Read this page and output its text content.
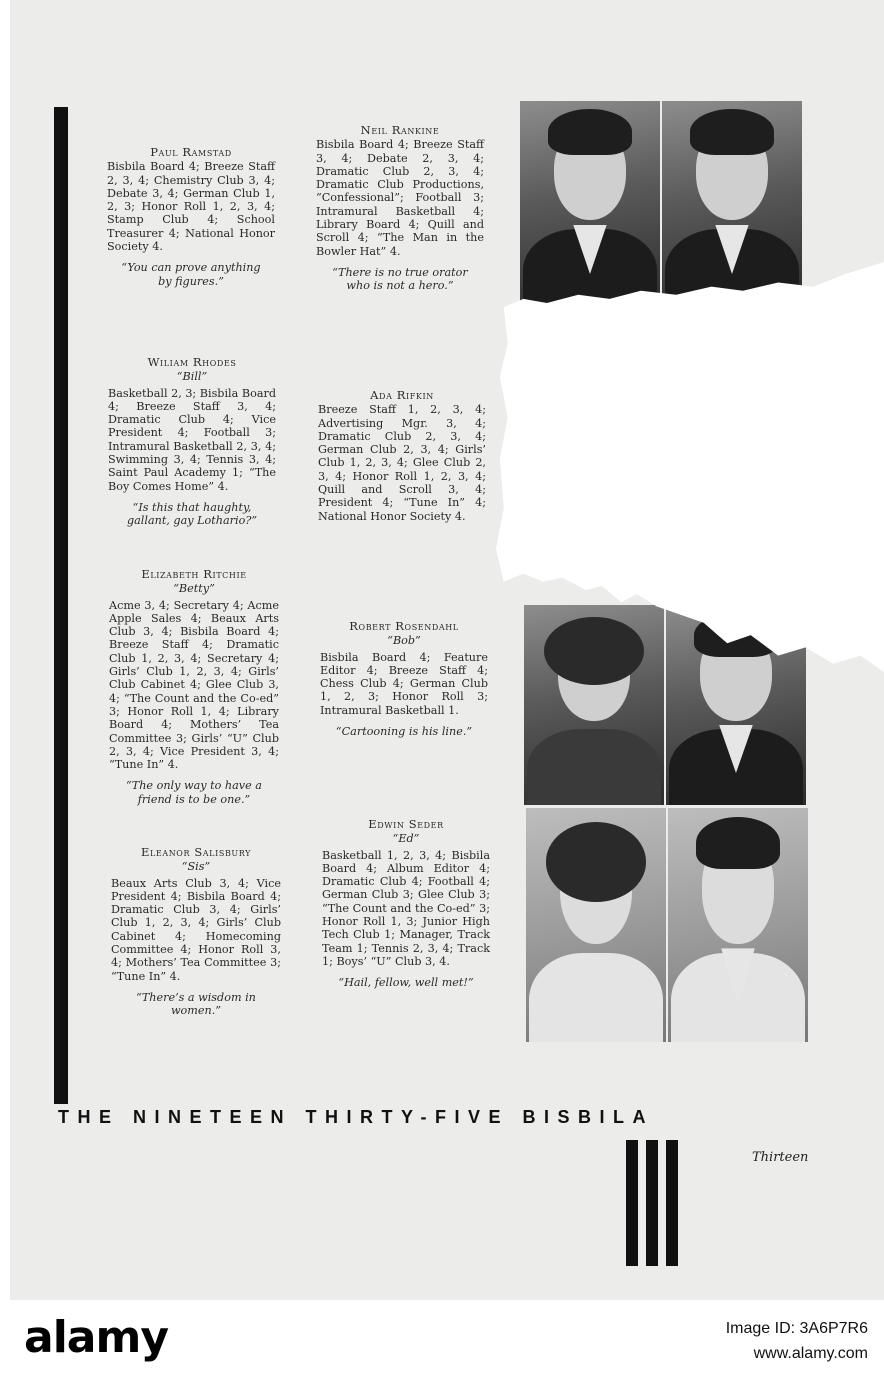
Paul Ramstad
Bisbila Board 4; Breeze Staff 2, 3, 4; Chemistry Club 3, 4; Debate 3, 4; German Club 1, 2, 3; Honor Roll 1, 2, 3, 4; Stamp Club 4; School Treasurer 4; National Honor Society 4.
“You can prove anything by figures.”
Wiliam Rhodes
“Bill”
Basketball 2, 3; Bisbila Board 4; Breeze Staff 3, 4; Dramatic Club 4; Vice President 4; Football 3; Intramural Basketball 2, 3, 4; Swimming 3, 4; Tennis 3, 4; Saint Paul Academy 1; “The Boy Comes Home” 4.
“Is this that haughty, gallant, gay Lothario?”
Elizabeth Ritchie
“Betty”
Acme 3, 4; Secretary 4; Acme Apple Sales 4; Beaux Arts Club 3, 4; Bisbila Board 4; Breeze Staff 4; Dramatic Club 1, 2, 3, 4; Secretary 4; Girls’ Club 1, 2, 3, 4; Girls’ Club Cabinet 4; Glee Club 3, 4; “The Count and the Co-ed” 3; Honor Roll 1, 4; Library Board 4; Mothers’ Tea Committee 3; Girls’ “U” Club 2, 3, 4; Vice President 3, 4; “Tune In” 4.
“The only way to have a friend is to be one.”
Eleanor Salisbury
“Sis”
Beaux Arts Club 3, 4; Vice President 4; Bisbila Board 4; Dramatic Club 3, 4; Girls’ Club 1, 2, 3, 4; Girls’ Club Cabinet 4; Homecoming Committee 4; Honor Roll 3, 4; Mothers’ Tea Committee 3; “Tune In” 4.
“There’s a wisdom in women.”
Neil Rankine
Bisbila Board 4; Breeze Staff 3, 4; Debate 2, 3, 4; Dramatic Club 2, 3, 4; Dramatic Club Productions, “Confessional”; Football 3; Intramural Basketball 4; Library Board 4; Quill and Scroll 4; “The Man in the Bowler Hat” 4.
“There is no true orator who is not a hero.”
Ada Rifkin
Breeze Staff 1, 2, 3, 4; Advertising Mgr. 3, 4; Dramatic Club 2, 3, 4; German Club 2, 3, 4; Girls’ Club 1, 2, 3, 4; Glee Club 2, 3, 4; Honor Roll 1, 2, 3, 4; Quill and Scroll 3, 4; President 4; “Tune In” 4; National Honor Society 4.
Robert Rosendahl
“Bob”
Bisbila Board 4; Feature Editor 4; Breeze Staff 4; Chess Club 4; German Club 1, 2, 3; Honor Roll 3; Intramural Basketball 1.
“Cartooning is his line.”
Edwin Seder
“Ed”
Basketball 1, 2, 3, 4; Bisbila Board 4; Album Editor 4; Dramatic Club 4; Football 4; German Club 3; Glee Club 3; “The Count and the Co-ed” 3; Honor Roll 1, 3; Junior High Tech Club 1; Manager, Track Team 1; Tennis 2, 3, 4; Track 1; Boys’ “U” Club 3, 4.
“Hail, fellow, well met!”
THE NINETEEN THIRTY-FIVE BISBILA
Thirteen
alamy	Image ID: 3A6P7R6
www.alamy.com
